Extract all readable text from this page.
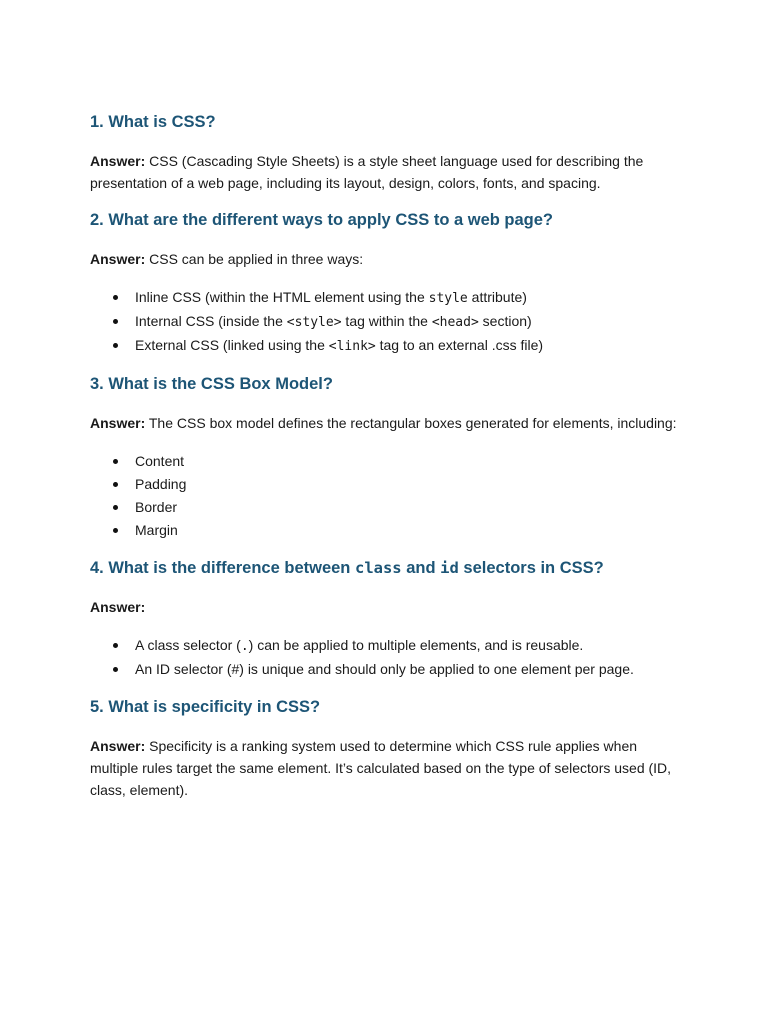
1. What is CSS?

Answer: CSS (Cascading Style Sheets) is a style sheet language used for describing the presentation of a web page, including its layout, design, colors, fonts, and spacing.

2. What are the different ways to apply CSS to a web page?

Answer: CSS can be applied in three ways:

Inline CSS (within the HTML element using the style attribute)
Internal CSS (inside the <style> tag within the <head> section)
External CSS (linked using the <link> tag to an external .css file)
3. What is the CSS Box Model?

Answer: The CSS box model defines the rectangular boxes generated for elements, including:

Content
Padding
Border
Margin
4. What is the difference between class and id selectors in CSS?

Answer:

A class selector (.) can be applied to multiple elements, and is reusable.
An ID selector (#) is unique and should only be applied to one element per page.
5. What is specificity in CSS?

Answer: Specificity is a ranking system used to determine which CSS rule applies when multiple rules target the same element. It’s calculated based on the type of selectors used (ID, class, element).
